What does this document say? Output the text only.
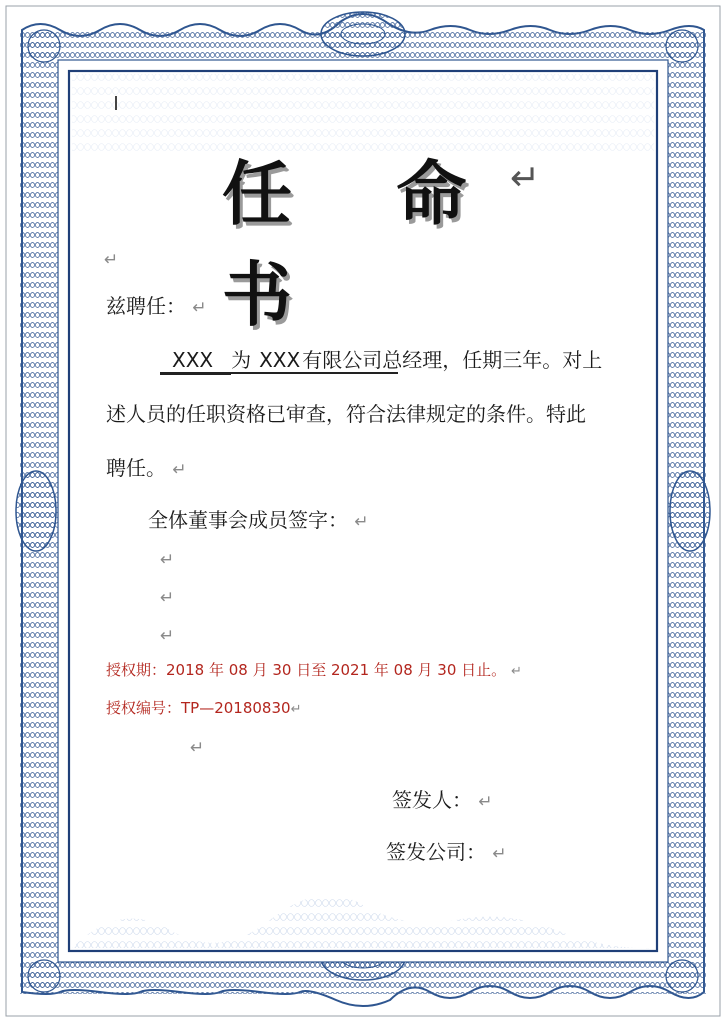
任 命 书
↵
↵
兹聘任： ↵
XXX 为 XXX 有限公司总经理，任期三年。对上
述人员的任职资格已审查，符合法律规定的条件。特此
聘任。 ↵
全体董事会成员签字： ↵
↵
↵
↵
授权期：2018 年 08 月 30 日至 2021 年 08 月 30 日止。 ↵
授权编号：TP—20180830↵
↵
签发人： ↵
签发公司： ↵
